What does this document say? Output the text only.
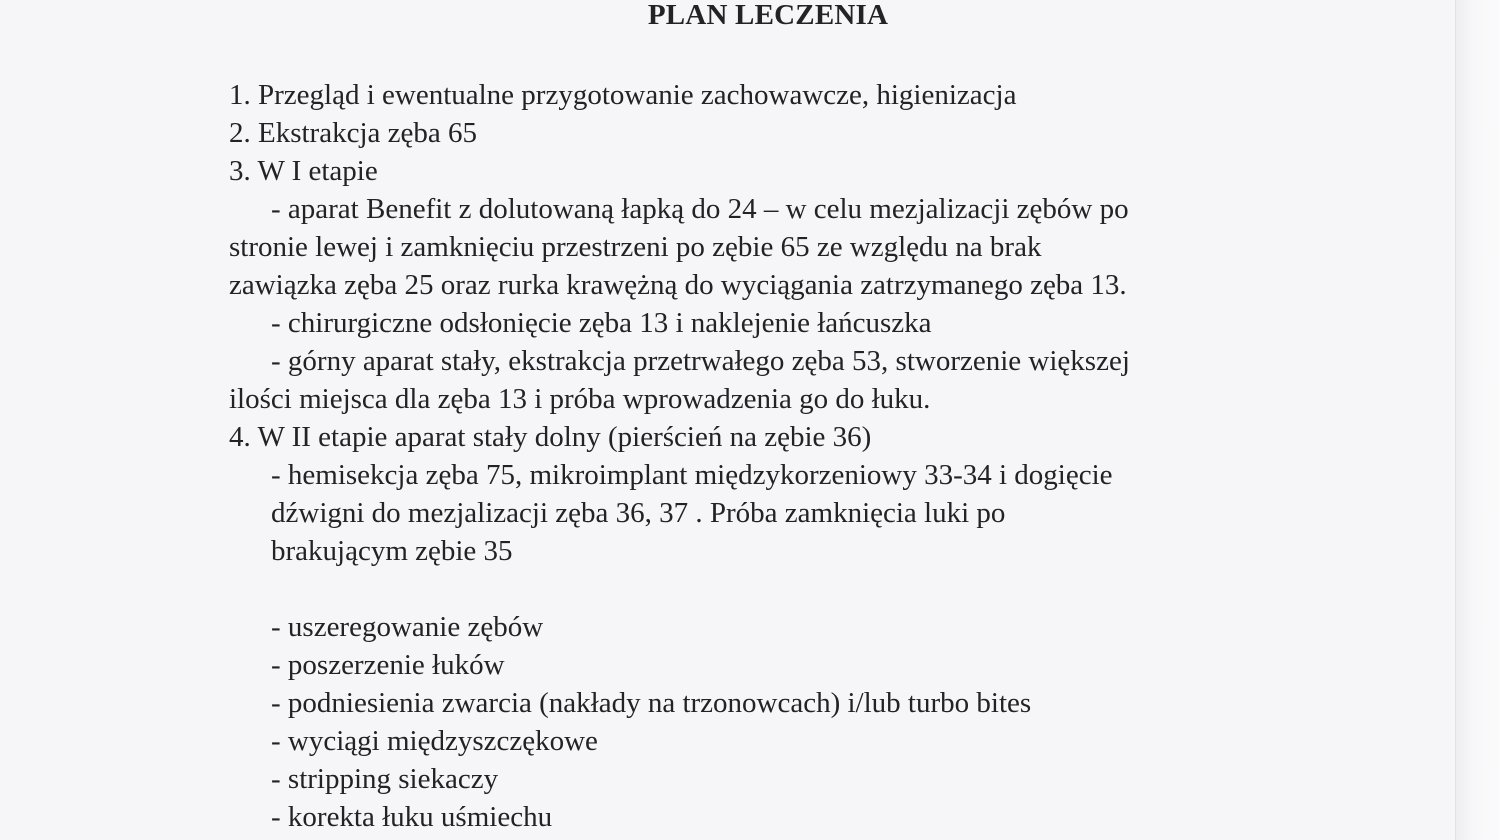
PLAN LECZENIA
1. Przegląd i ewentualne przygotowanie zachowawcze, higienizacja
2. Ekstrakcja zęba 65
3. W I etapie
- aparat Benefit z dolutowaną łapką do 24 – w celu mezjalizacji zębów po
stronie lewej i zamknięciu przestrzeni po zębie 65 ze względu na brak
zawiązka zęba 25 oraz rurka krawężną do wyciągania zatrzymanego zęba 13.
- chirurgiczne odsłonięcie zęba 13 i naklejenie łańcuszka
- górny aparat stały, ekstrakcja przetrwałego zęba 53, stworzenie większej
ilości miejsca dla zęba 13 i próba wprowadzenia go do łuku.
4. W II etapie aparat stały dolny (pierścień na zębie 36)
- hemisekcja zęba 75, mikroimplant międzykorzeniowy 33-34 i dogięcie
dźwigni do mezjalizacji zęba 36, 37 . Próba zamknięcia luki po
brakującym zębie 35
- uszeregowanie zębów
- poszerzenie łuków
- podniesienia zwarcia (nakłady na trzonowcach) i/lub turbo bites
- wyciągi międzyszczękowe
- stripping siekaczy
- korekta łuku uśmiechu
